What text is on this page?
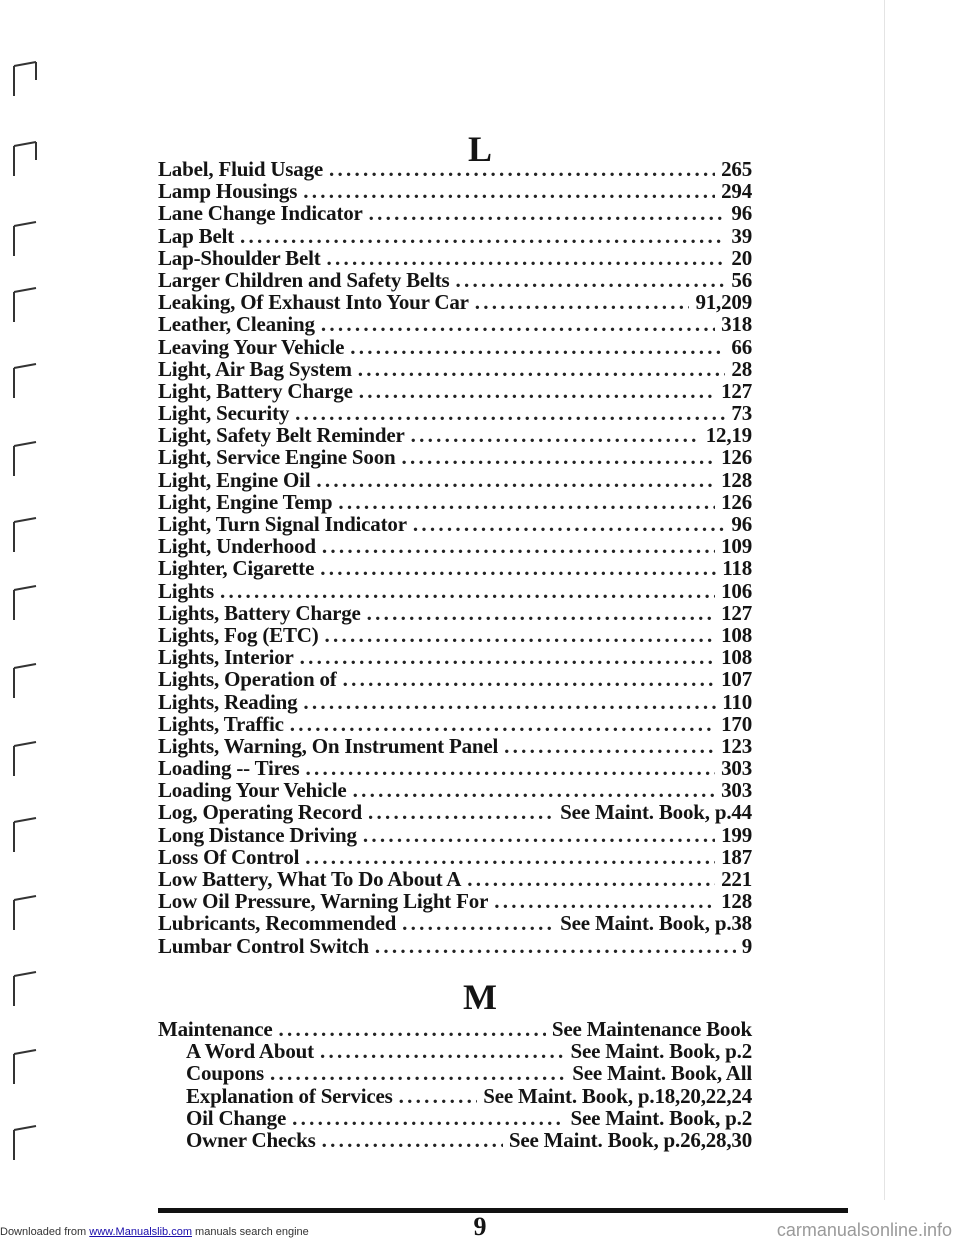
L
Label, Fluid Usage . . .	265
Lamp Housings . . .	294
Lane Change Indicator . . .	96
Lap Belt . . .	39
Lap-Shoulder Belt . . .	20
Larger Children and Safety Belts . . .	56
Leaking, Of Exhaust Into Your Car . . .	91,209
Leather, Cleaning . . .	318
Leaving Your Vehicle . . .	66
Light, Air Bag System . . .	28
Light, Battery Charge . . .	127
Light, Security . . .	73
Light, Safety Belt Reminder . . .	12,19
Light, Service Engine Soon . . .	126
Light, Engine Oil . . .	128
Light, Engine Temp . . .	126
Light, Turn Signal Indicator . . .	96
Light, Underhood . . .	109
Lighter, Cigarette . . .	118
Lights . . .	106
Lights, Battery Charge . . .	127
Lights, Fog (ETC) . . .	108
Lights, Interior . . .	108
Lights, Operation of . . .	107
Lights, Reading . . .	110
Lights, Traffic . . .	170
Lights, Warning, On Instrument Panel . . .	123
Loading -- Tires . . .	303
Loading Your Vehicle . . .	303
Log, Operating Record . . .	See Maint. Book, p.44
Long Distance Driving . . .	199
Loss Of Control . . .	187
Low Battery, What To Do About A . . .	221
Low Oil Pressure, Warning Light For . . .	128
Lubricants, Recommended . . .	See Maint. Book, p.38
Lumbar Control Switch . . .	9
M
Maintenance . . .	See Maintenance Book
A Word About . . .	See Maint. Book, p.2
Coupons . . .	See Maint. Book, All
Explanation of Services . . .	See Maint. Book, p.18,20,22,24
Oil Change . . .	See Maint. Book, p.2
Owner Checks . . .	See Maint. Book, p.26,28,30
9
Downloaded from www.Manualslib.com manuals search engine	carmanualsonline.info
